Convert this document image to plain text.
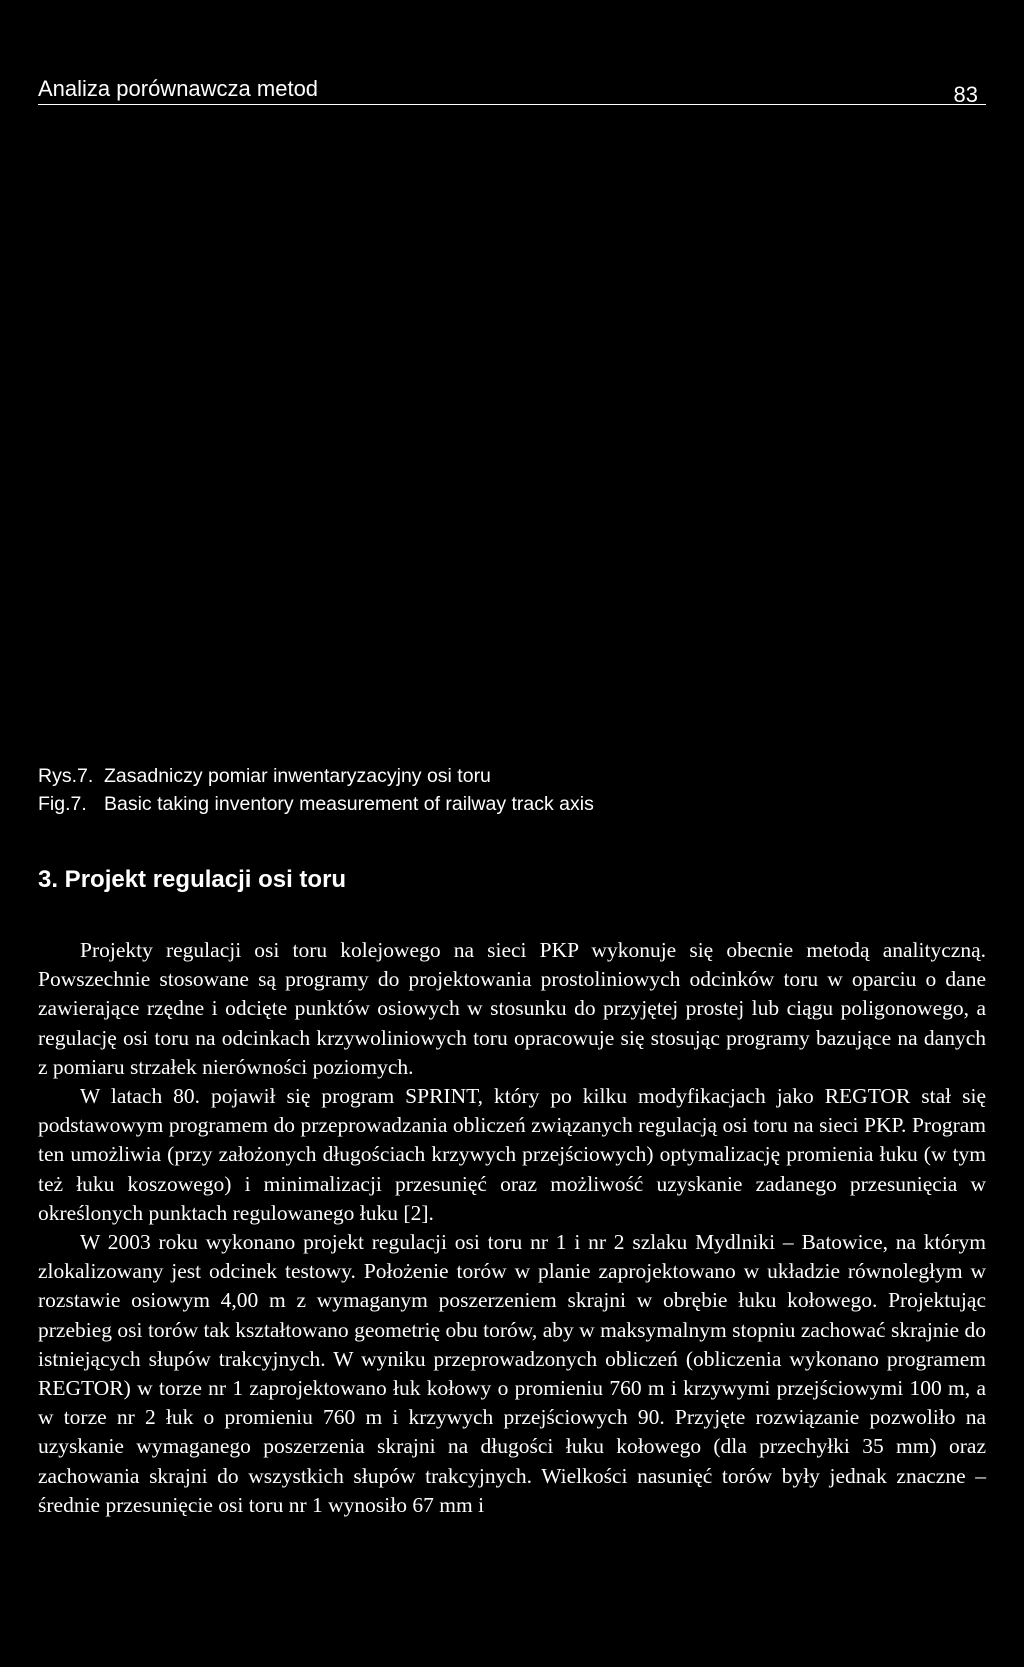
Analiza porównawcza metod	83
Rys.7. Zasadniczy pomiar inwentaryzacyjny osi toru
Fig.7. Basic taking inventory measurement of railway track axis
3. Projekt regulacji osi toru

Projekty regulacji osi toru kolejowego na sieci PKP wykonuje się obecnie metodą analityczną. Powszechnie stosowane są programy do projektowania prostoliniowych odcinków toru w oparciu o dane zawierające rzędne i odcięte punktów osiowych w stosunku do przyjętej prostej lub ciągu poligonowego, a regulację osi toru na odcinkach krzywoliniowych toru opracowuje się stosując programy bazujące na danych z pomiaru strzałek nierówności poziomych.

W latach 80. pojawił się program SPRINT, który po kilku modyfikacjach jako REGTOR stał się podstawowym programem do przeprowadzania obliczeń związanych regulacją osi toru na sieci PKP. Program ten umożliwia (przy założonych długościach krzywych przejściowych) optymalizację promienia łuku (w tym też łuku koszowego) i minimalizacji przesunięć oraz możliwość uzyskanie zadanego przesunięcia w określonych punktach regulowanego łuku [2].

W 2003 roku wykonano projekt regulacji osi toru nr 1 i nr 2 szlaku Mydlniki – Batowice, na którym zlokalizowany jest odcinek testowy. Położenie torów w planie zaprojektowano w układzie równoległym w rozstawie osiowym 4,00 m z wymaganym poszerzeniem skrajni w obrębie łuku kołowego. Projektując przebieg osi torów tak kształtowano geometrię obu torów, aby w maksymalnym stopniu zachować skrajnie do istniejących słupów trakcyjnych. W wyniku przeprowadzonych obliczeń (obliczenia wykonano programem REGTOR) w torze nr 1 zaprojektowano łuk kołowy o promieniu 760 m i krzywymi przejściowymi 100 m, a w torze nr 2 łuk o promieniu 760 m i krzywych przejściowych 90. Przyjęte rozwiązanie pozwoliło na uzyskanie wymaganego poszerzenia skrajni na długości łuku kołowego (dla przechyłki 35 mm) oraz zachowania skrajni do wszystkich słupów trakcyjnych. Wielkości nasunięć torów były jednak znaczne – średnie przesunięcie osi toru nr 1 wynosiło 67 mm i
